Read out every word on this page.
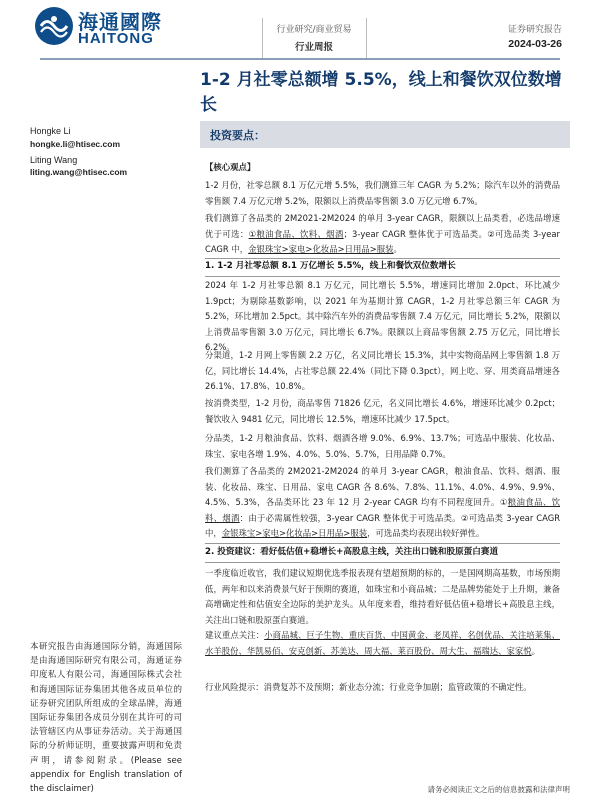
海通國際
HAITONG	行业研究/商业贸易
行业周报
证券研究报告
2024-03-26
1-2 月社零总额增 5.5%，线上和餐饮双位数增长
Hongke Li
hongke.li@htisec.com
Liting Wang
liting.wang@htisec.com
本研究报告由海通国际分销，海通国际是由海通国际研究有限公司，海通证券印度私人有限公司，海通国际株式会社和海通国际证券集团其他各成员单位的证券研究团队所组成的全球品牌，海通国际证券集团各成员分别在其许可的司法管辖区内从事证券活动。关于海通国际的分析师证明，重要披露声明和免责声明，请参阅附录。(Please see appendix for English translation of the disclaimer)
投资要点：
【核心观点】
1-2 月份，社零总额 8.1 万亿元增 5.5%，我们测算三年 CAGR 为 5.2%；除汽车以外的消费品零售额 7.4 万亿元增 5.2%，限额以上消费品零售额 3.0 万亿元增 6.7%。
我们测算了各品类的 2M2021-2M2024 的单月 3-year CAGR，限额以上品类看，必选品增速优于可选：①粮油食品、饮料、烟酒；3-year CAGR 整体优于可选品类。②可选品类 3-year CAGR 中，金银珠宝>家电>化妆品>日用品>服装。
1. 1-2 月社零总额 8.1 万亿增长 5.5%，线上和餐饮双位数增长
2024 年 1-2 月社零总额 8.1 万亿元，同比增长 5.5%，增速同比增加 2.0pct、环比减少 1.9pct；为剔除基数影响，以 2021 年为基期计算 CAGR，1-2 月社零总额三年 CAGR 为 5.2%，环比增加 2.5pct。其中除汽车外的消费品零售额 7.4 万亿元，同比增长 5.2%，限额以上消费品零售额 3.0 万亿元，同比增长 6.7%。限额以上商品零售额 2.75 万亿元，同比增长 6.2%。
分渠道，1-2 月网上零售额 2.2 万亿，名义同比增长 15.3%，其中实物商品网上零售额 1.8 万亿，同比增长 14.4%，占社零总额 22.4%（同比下降 0.3pct），网上吃、穿、用类商品增速各 26.1%、17.8%、10.8%。
按消费类型，1-2 月份，商品零售 71826 亿元，名义同比增长 4.6%，增速环比减少 0.2pct；餐饮收入 9481 亿元，同比增长 12.5%，增速环比减少 17.5pct。
分品类，1-2 月粮油食品、饮料、烟酒各增 9.0%、6.9%、13.7%；可选品中服装、化妆品、珠宝、家电各增 1.9%、4.0%、5.0%、5.7%，日用品降 0.7%。
我们测算了各品类的 2M2021-2M2024 的单月 3-year CAGR，粮油食品、饮料、烟酒、服装、化妆品、珠宝、日用品、家电 CAGR 各 8.6%、7.8%、11.1%、4.0%、4.9%、9.9%、4.5%、5.3%，各品类环比 23 年 12 月 2-year CAGR 均有不同程度回升。①粮油食品、饮料、烟酒：由于必需属性较强，3-year CAGR 整体优于可选品类。②可选品类 3-year CAGR 中，金银珠宝>家电>化妆品>日用品>服装，可选品类均表现出较好弹性。
2. 投资建议：看好低估值+稳增长+高股息主线，关注出口链和股原蛋白赛道
一季度临近收官，我们建议短期优选季报表现有望超预期的标的，一是国网期高基数，市场预期低，两年和以来消费景气好于预期的赛道，如珠宝和小商品城；二是品牌势能处于上升期，兼备高增确定性和估值安全边际的美护龙头。从年度来看，维持看好低估值+稳增长+高股息主线，关注出口链和股原蛋白赛道。
建议重点关注：小商品城、巨子生物、重庆百货、中国黄金、老凤祥、名创优品、关注培莱集、水羊股份、华凯易佰、安克创新、苏美达、周大福、莱百股份、周大生、福瑞达、家家悦。
行业风险提示：消费复苏不及预期；新业态分流；行业竞争加剧；监管政策的不确定性。
请务必阅读正文之后的信息披露和法律声明
